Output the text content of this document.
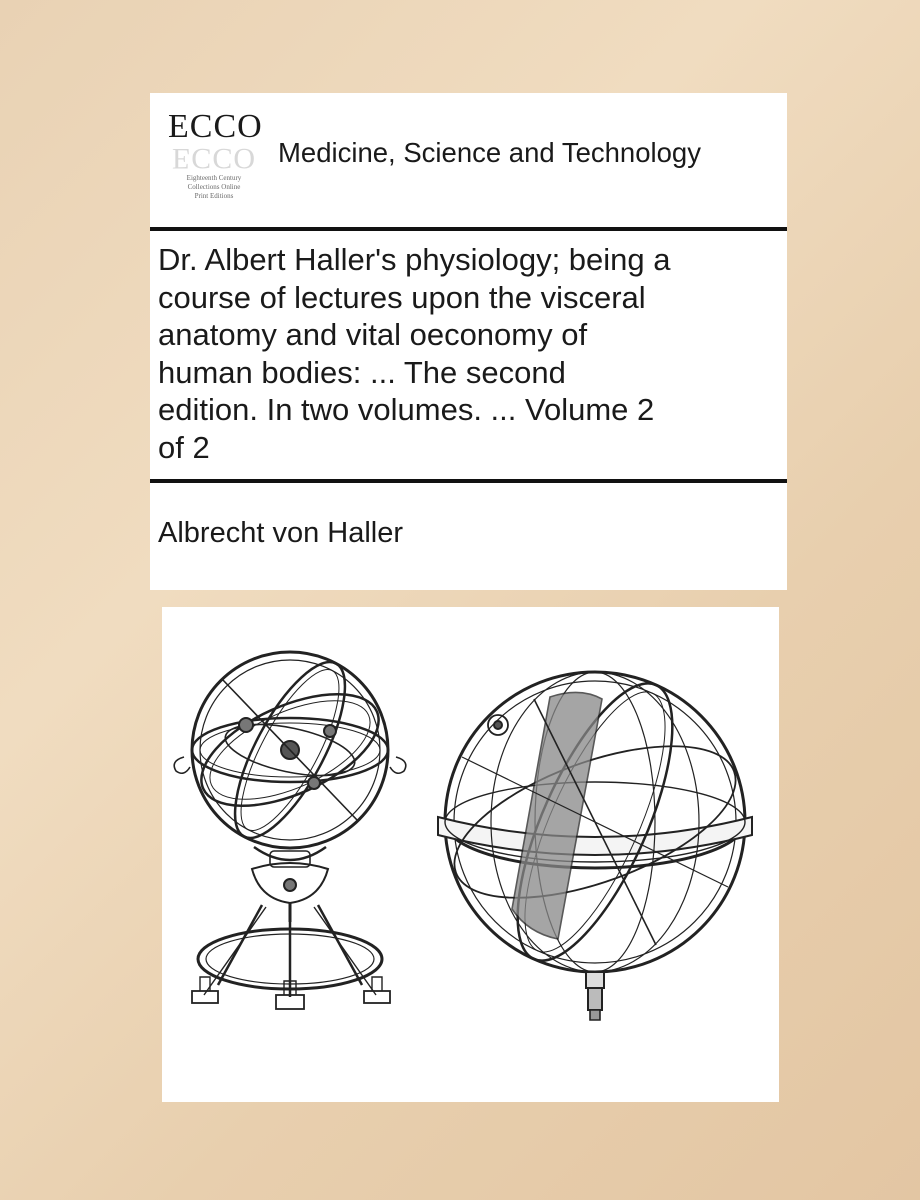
ECCO
ECCO
Eighteenth Century
Collections Online
Print Editions
Medicine, Science and Technology
Dr. Albert Haller's physiology; being a
course of lectures upon the visceral
anatomy and vital oeconomy of
human bodies: ... The second
edition. In two volumes. ... Volume 2
of 2
Albrecht von Haller
